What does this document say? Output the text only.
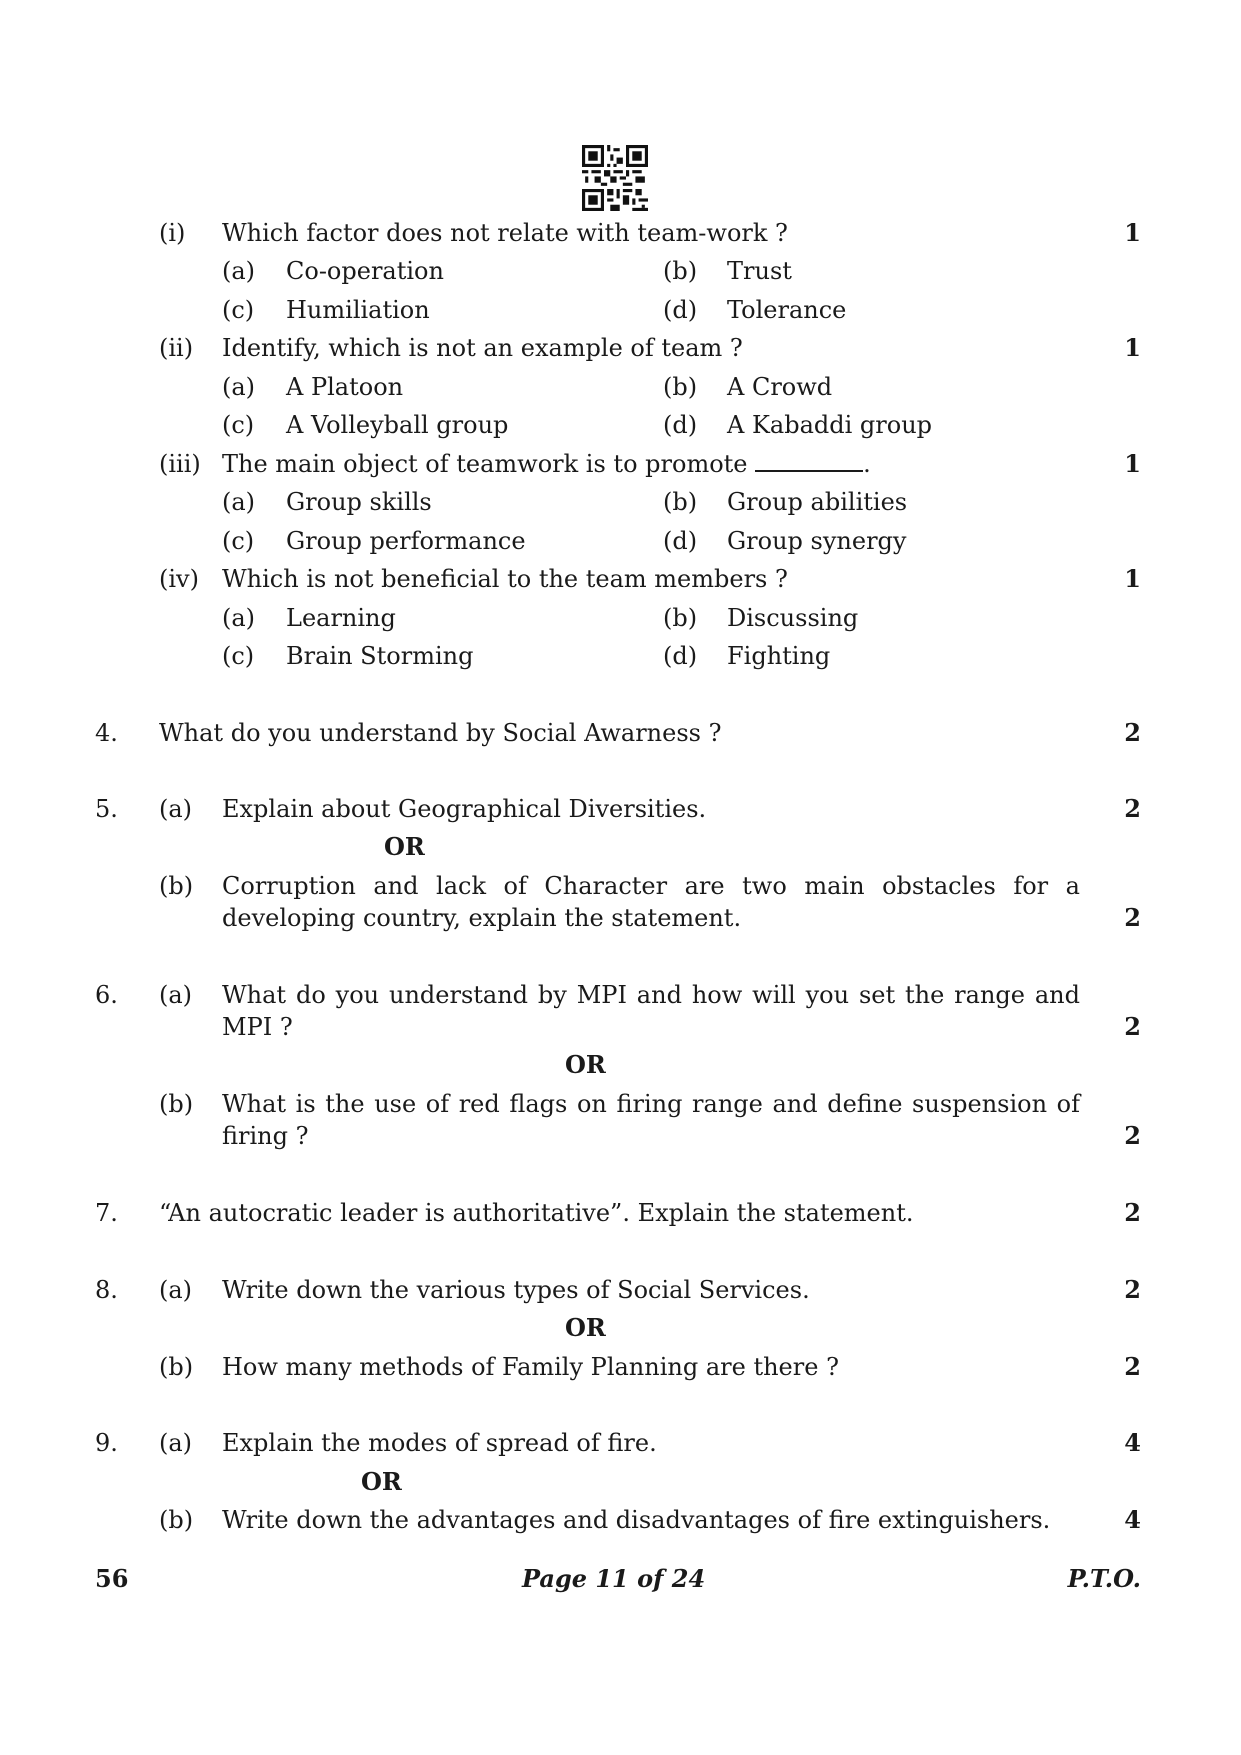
(i) Which factor does not relate with team-work ?	1
(a) Co-operation	(b) Trust
(c) Humiliation	(d) Tolerance
(ii) Identify, which is not an example of team ?	1
(a) A Platoon	(b) A Crowd
(c) A Volleyball group	(d) A Kabaddi group
(iii) The main object of teamwork is to promote	.	1
(a) Group skills	(b) Group abilities
(c) Group performance	(d) Group synergy
(iv) Which is not beneficial to the team members ?	1
(a) Learning	(b) Discussing
(c) Brain Storming	(d) Fighting
4. What do you understand by Social Awarness ?	2
5. (a) Explain about Geographical Diversities.	2
OR
(b) Corruption and lack of Character are two main obstacles for a
developing country, explain the statement.	2
6. (a) What do you understand by MPI and how will you set the range and
MPI ?	2
OR
(b) What is the use of red flags on firing range and define suspension of
firing ?	2
7. “An autocratic leader is authoritative”. Explain the statement.	2
8. (a) Write down the various types of Social Services.	2
OR
(b) How many methods of Family Planning are there ?	2
9. (a) Explain the modes of spread of fire.	4
OR
(b) Write down the advantages and disadvantages of fire extinguishers.	4
56	Page 11 of 24	P.T.O.
